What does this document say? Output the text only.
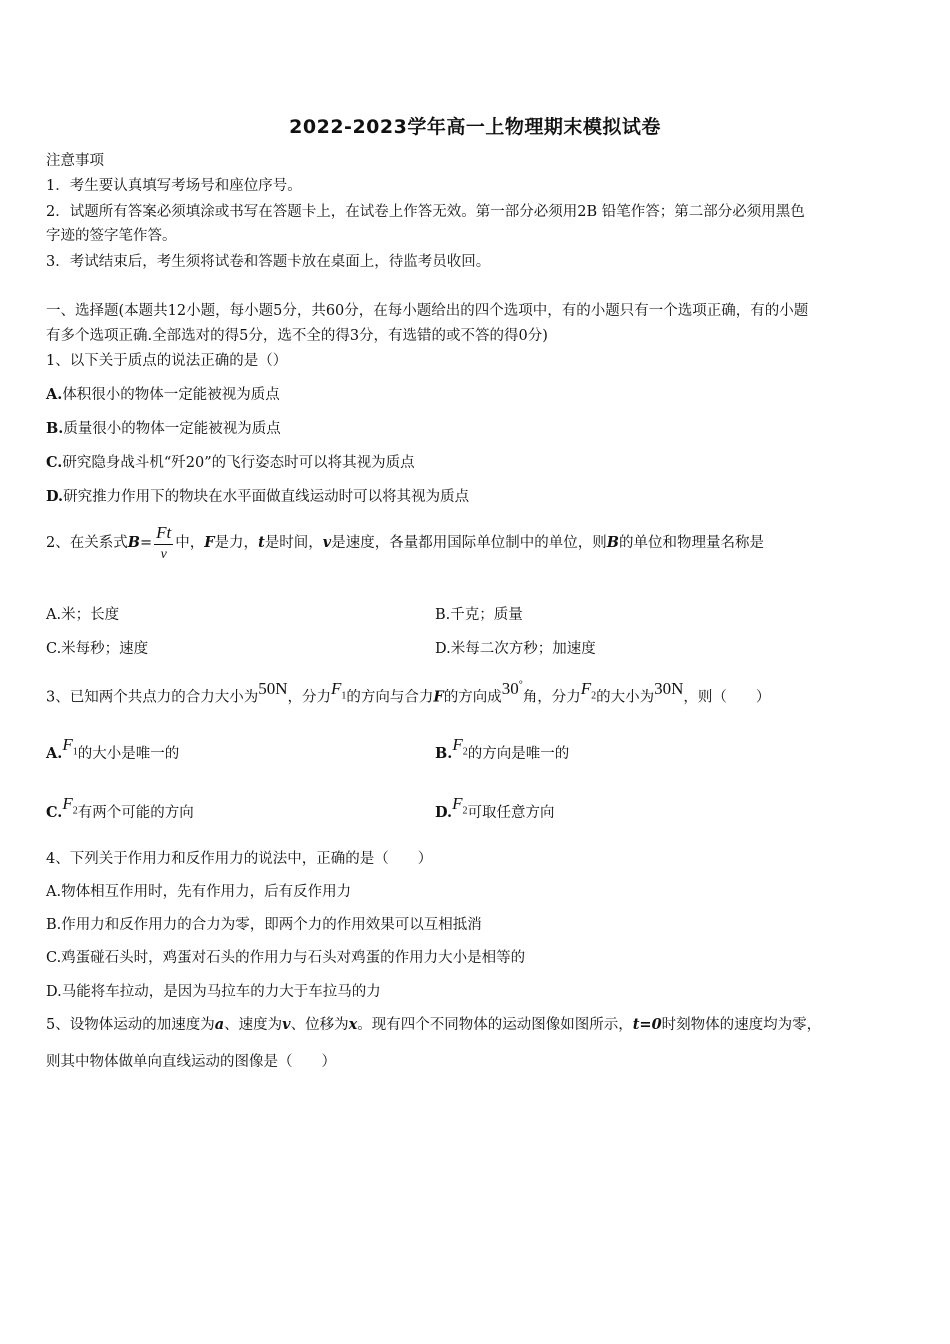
2022-2023学年高一上物理期末模拟试卷
注意事项
1．考生要认真填写考场号和座位序号。
2．试题所有答案必须填涂或书写在答题卡上，在试卷上作答无效。第一部分必须用2B 铅笔作答；第二部分必须用黑色
字迹的签字笔作答。
3．考试结束后，考生须将试卷和答题卡放在桌面上，待监考员收回。
一、选择题(本题共12小题，每小题5分，共60分，在每小题给出的四个选项中，有的小题只有一个选项正确，有的小题
有多个选项正确.全部选对的得5分，选不全的得3分，有选错的或不答的得0分)
1、以下关于质点的说法正确的是（）
A.体积很小的物体一定能被视为质点
B.质量很小的物体一定能被视为质点
C.研究隐身战斗机“歼20”的飞行姿态时可以将其视为质点
D.研究推力作用下的物块在水平面做直线运动时可以将其视为质点
2、在关系式$B= \frac{Ft}{v}$ 中，F是力，t是时间，v是速度，各量都用国际单位制中的单位，则B的单位和物理量名称是
A.米；长度	B.千克；质量
C.米每秒；速度	D.米每二次方秒；加速度
3、已知两个共点力的合力大小为50N，分力$F_1$的方向与合力F的方向成30°角，分力$F_2$的大小为30N，则（　　）
$A.F_1$的大小是唯一的	$B.F_2$的方向是唯一的
$C.F_2$有两个可能的方向	$D.F_2$可取任意方向
4、下列关于作用力和反作用力的说法中，正确的是（　　）
A.物体相互作用时，先有作用力，后有反作用力
B.作用力和反作用力的合力为零，即两个力的作用效果可以互相抵消
C.鸡蛋碰石头时，鸡蛋对石头的作用力与石头对鸡蛋的作用力大小是相等的
D.马能将车拉动，是因为马拉车的力大于车拉马的力
5、设物体运动的加速度为a、速度为v、位移为x。现有四个不同物体的运动图像如图所示，t=0时刻物体的速度均为零，
则其中物体做单向直线运动的图像是（　　）
